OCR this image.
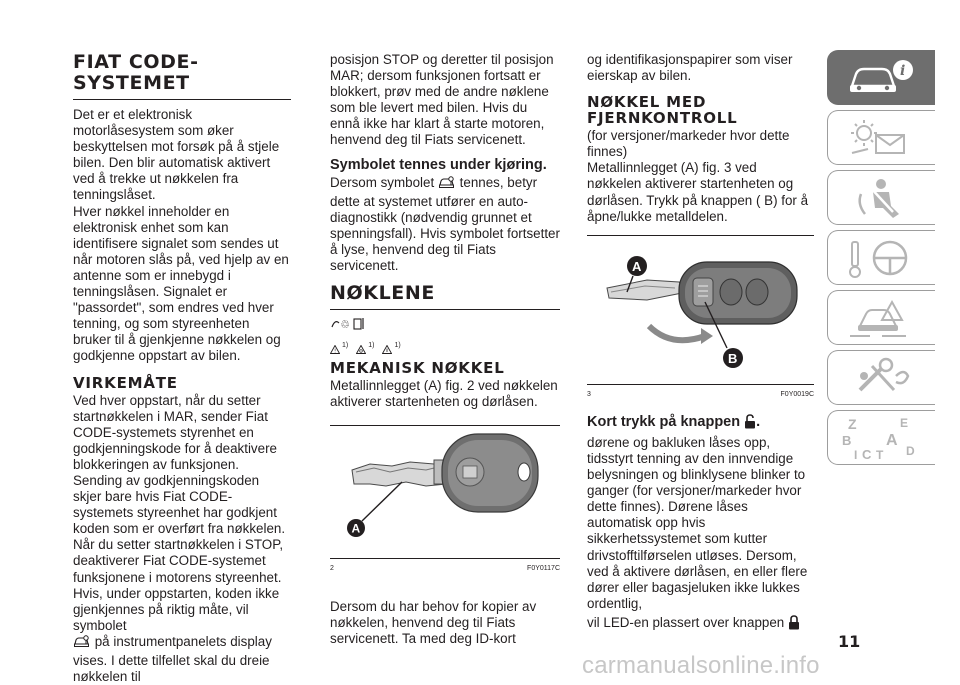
FIAT CODE-SYSTEMET

Det er et elektronisk motorlåsesystem som øker beskyttelsen mot forsøk på å stjele bilen. Den blir automatisk aktivert ved å trekke ut nøkkelen fra tenningslåset.

Hver nøkkel inneholder en elektronisk enhet som kan identifisere signalet som sendes ut når motoren slås på, ved hjelp av en antenne som er innebygd i tenningslåsen. Signalet er "passordet", som endres ved hver tenning, og som styreenheten bruker til å gjenkjenne nøkkelen og godkjenne oppstart av bilen.

VIRKEMÅTE

Ved hver oppstart, når du setter startnøkkelen i MAR, sender Fiat CODE-systemets styrenhet en godkjenningskode for å deaktivere blokkeringen av funksjonen.

Sending av godkjenningskoden skjer bare hvis Fiat CODE-systemets styreenhet har godkjent koden som er overført fra nøkkelen.

Når du setter startnøkkelen i STOP, deaktiverer Fiat CODE-systemet funksjonene i motorens styreenhet. Hvis, under oppstarten, koden ikke gjenkjennes på riktig måte, vil symbolet
på instrumentpanelets display vises. I dette tilfellet skal du dreie nøkkelen til

posisjon STOP og deretter til posisjon MAR; dersom funksjonen fortsatt er blokkert, prøv med de andre nøklene som ble levert med bilen. Hvis du ennå ikke har klart å starte motoren, henvend deg til Fiats servicenett.

Symbolet tennes under kjøring.

Dersom symbolet tennes, betyr dette at systemet utfører en auto-diagnostikk (nødvendig grunnet et spenningsfall). Hvis symbolet fortsetter å lyse, henvend deg til Fiats servicenett.

NØKLENE
♲
!
1)	1)	1)
MEKANISK NØKKEL

Metallinnlegget (A) fig. 2 ved nøkkelen aktiverer startenheten og dørlåsen.

A
2	F0Y0117C

Dersom du har behov for kopier av nøkkelen, henvend deg til Fiats servicenett. Ta med deg ID-kort

og identifikasjonspapirer som viser eierskap av bilen.

NØKKEL MED FJERNKONTROLL

(for versjoner/markeder hvor dette finnes)

Metallinnlegget (A) fig. 3 ved nøkkelen aktiverer startenheten og dørlåsen. Trykk på knappen ( B) for å åpne/lukke metalldelen.

A
B
3	F0Y0019C
Kort trykk på knappen .

dørene og bakluken låses opp, tidsstyrt tenning av den innvendige belysningen og blinklysene blinker to ganger (for versjoner/markeder hvor dette finnes). Dørene låses automatisk opp hvis sikkerhetssystemet som kutter drivstofftilførselen utløses. Dersom, ved å aktivere dørlåsen, en eller flere dører eller bagasjeluken ikke lukkes ordentlig,

vil LED-en plassert over knappen

i
Z	E
B A
C	D
I T
11
carmanualsonline.info
